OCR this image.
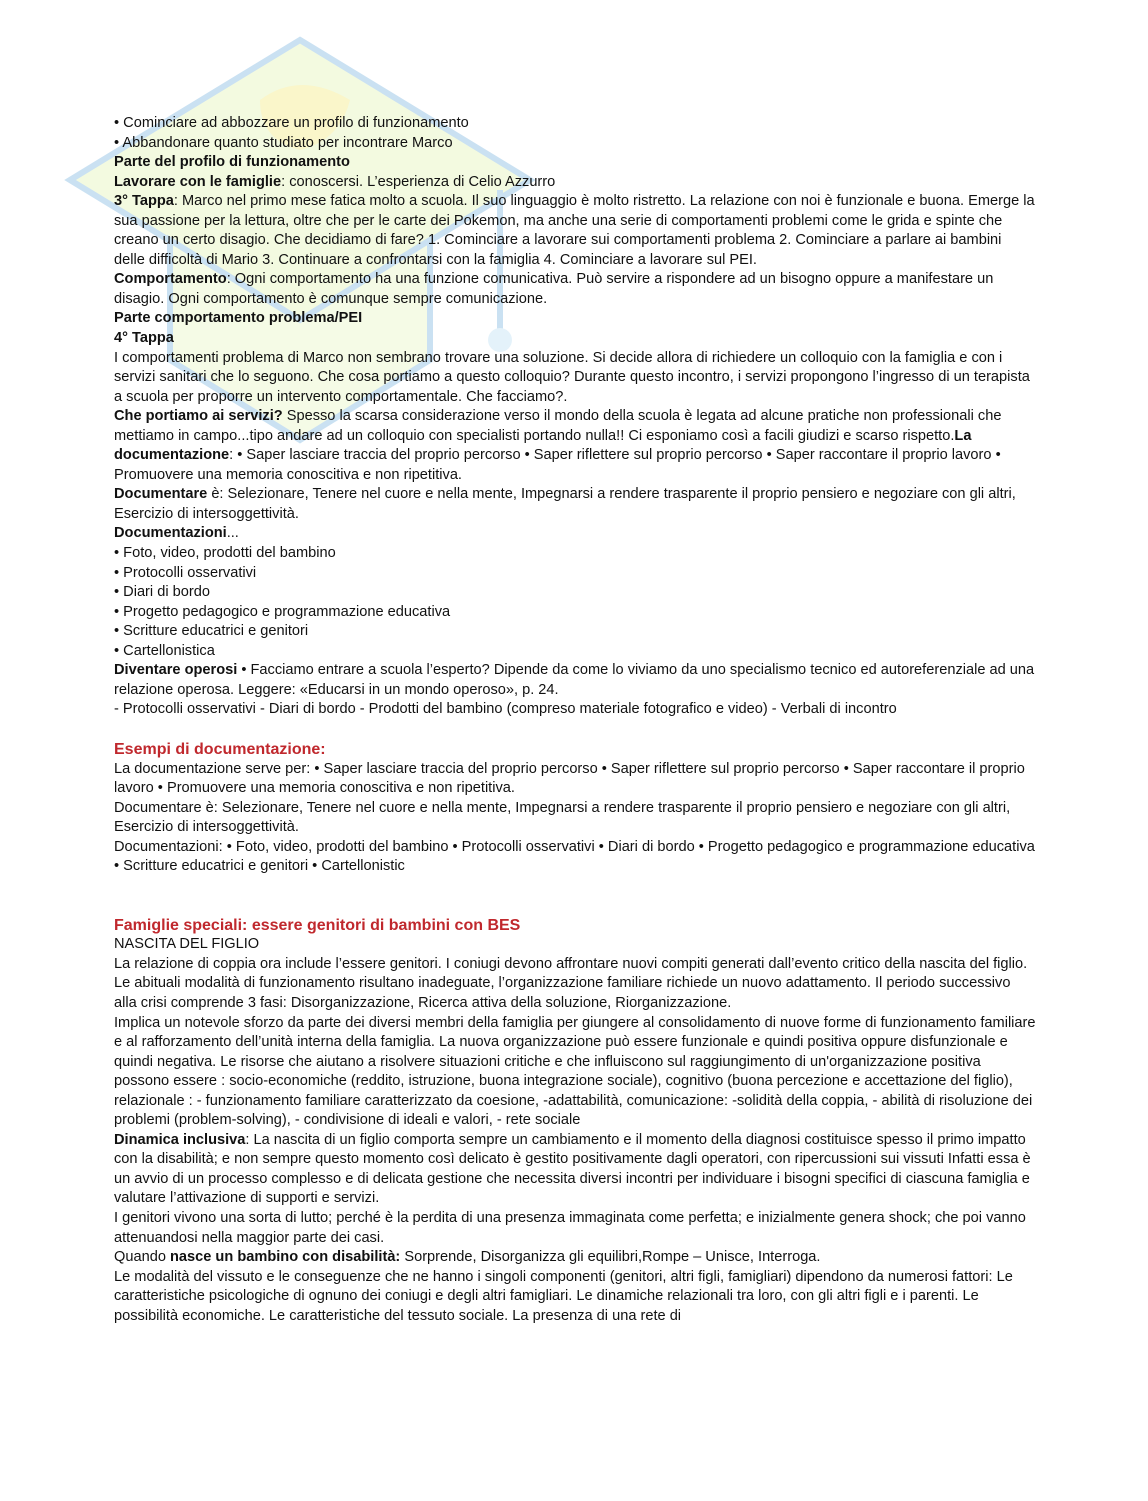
• Cominciare ad abbozzare un profilo di funzionamento

• Abbandonare quanto studiato per incontrare Marco

Parte del profilo di funzionamento

Lavorare con le famiglie: conoscersi. L’esperienza di Celio Azzurro

3° Tappa: Marco nel primo mese fatica molto a scuola. Il suo linguaggio è molto ristretto. La relazione con noi è funzionale e buona. Emerge la sua passione per la lettura, oltre che per le carte dei Pokemon, ma anche una serie di comportamenti problemi come le grida e spinte che creano un certo disagio. Che decidiamo di fare? 1. Cominciare a lavorare sui comportamenti problema 2. Cominciare a parlare ai bambini delle difficoltà di Mario 3. Continuare a confrontarsi con la famiglia 4. Cominciare a lavorare sul PEI.

Comportamento: Ogni comportamento ha una funzione comunicativa. Può servire a rispondere ad un bisogno oppure a manifestare un disagio. Ogni comportamento è comunque sempre comunicazione.

Parte comportamento problema/PEI

4° Tappa

I comportamenti problema di Marco non sembrano trovare una soluzione. Si decide allora di richiedere un colloquio con la famiglia e con i servizi sanitari che lo seguono. Che cosa portiamo a questo colloquio? Durante questo incontro, i servizi propongono l’ingresso di un terapista a scuola per proporre un intervento comportamentale. Che facciamo?.

Che portiamo ai servizi? Spesso la scarsa considerazione verso il mondo della scuola è legata ad alcune pratiche non professionali che mettiamo in campo...tipo andare ad un colloquio con specialisti portando nulla!! Ci esponiamo così a facili giudizi e scarso rispetto.La documentazione: • Saper lasciare traccia del proprio percorso • Saper riflettere sul proprio percorso • Saper raccontare il proprio lavoro • Promuovere una memoria conoscitiva e non ripetitiva.

Documentare è: Selezionare, Tenere nel cuore e nella mente, Impegnarsi a rendere trasparente il proprio pensiero e negoziare con gli altri, Esercizio di intersoggettività.

Documentazioni...

• Foto, video, prodotti del bambino

• Protocolli osservativi

• Diari di bordo

• Progetto pedagogico e programmazione educativa

• Scritture educatrici e genitori

• Cartellonistica

Diventare operosi • Facciamo entrare a scuola l’esperto? Dipende da come lo viviamo da uno specialismo tecnico ed autoreferenziale ad una relazione operosa. Leggere: «Educarsi in un mondo operoso», p. 24.

- Protocolli osservativi - Diari di bordo - Prodotti del bambino (compreso materiale fotografico e video) - Verbali di incontro

Esempi di documentazione:

La documentazione serve per: • Saper lasciare traccia del proprio percorso • Saper riflettere sul proprio percorso • Saper raccontare il proprio lavoro • Promuovere una memoria conoscitiva e non ripetitiva.

Documentare è: Selezionare, Tenere nel cuore e nella mente, Impegnarsi a rendere trasparente il proprio pensiero e negoziare con gli altri, Esercizio di intersoggettività.

Documentazioni: • Foto, video, prodotti del bambino • Protocolli osservativi • Diari di bordo • Progetto pedagogico e programmazione educativa • Scritture educatrici e genitori • Cartellonistic

Famiglie speciali: essere genitori di bambini con BES

NASCITA DEL FIGLIO

La relazione di coppia ora include l’essere genitori. I coniugi devono affrontare nuovi compiti generati dall’evento critico della nascita del figlio. Le abituali modalità di funzionamento risultano inadeguate, l’organizzazione familiare richiede un nuovo adattamento. Il periodo successivo alla crisi comprende 3 fasi: Disorganizzazione, Ricerca attiva della soluzione, Riorganizzazione.

Implica un notevole sforzo da parte dei diversi membri della famiglia per giungere al consolidamento di nuove forme di funzionamento familiare e al rafforzamento dell’unità interna della famiglia. La nuova organizzazione può essere funzionale e quindi positiva oppure disfunzionale e quindi negativa. Le risorse che aiutano a risolvere situazioni critiche e che influiscono sul raggiungimento di un'organizzazione positiva possono essere : socio-economiche (reddito, istruzione, buona integrazione sociale), cognitivo (buona percezione e accettazione del figlio), relazionale : - funzionamento familiare caratterizzato da coesione, -adattabilità, comunicazione: -solidità della coppia, - abilità di risoluzione dei problemi (problem-solving), - condivisione di ideali e valori, - rete sociale

Dinamica inclusiva: La nascita di un figlio comporta sempre un cambiamento e il momento della diagnosi costituisce spesso il primo impatto con la disabilità; e non sempre questo momento così delicato è gestito positivamente dagli operatori, con ripercussioni sui vissuti Infatti essa è un avvio di un processo complesso e di delicata gestione che necessita diversi incontri per individuare i bisogni specifici di ciascuna famiglia e valutare l’attivazione di supporti e servizi.

I genitori vivono una sorta di lutto; perché è la perdita di una presenza immaginata come perfetta; e inizialmente genera shock; che poi vanno attenuandosi nella maggior parte dei casi.

Quando nasce un bambino con disabilità: Sorprende, Disorganizza gli equilibri,Rompe – Unisce, Interroga.

Le modalità del vissuto e le conseguenze che ne hanno i singoli componenti (genitori, altri figli, famigliari) dipendono da numerosi fattori: Le caratteristiche psicologiche di ognuno dei coniugi e degli altri famigliari. Le dinamiche relazionali tra loro, con gli altri figli e i parenti. Le possibilità economiche. Le caratteristiche del tessuto sociale. La presenza di una rete di
